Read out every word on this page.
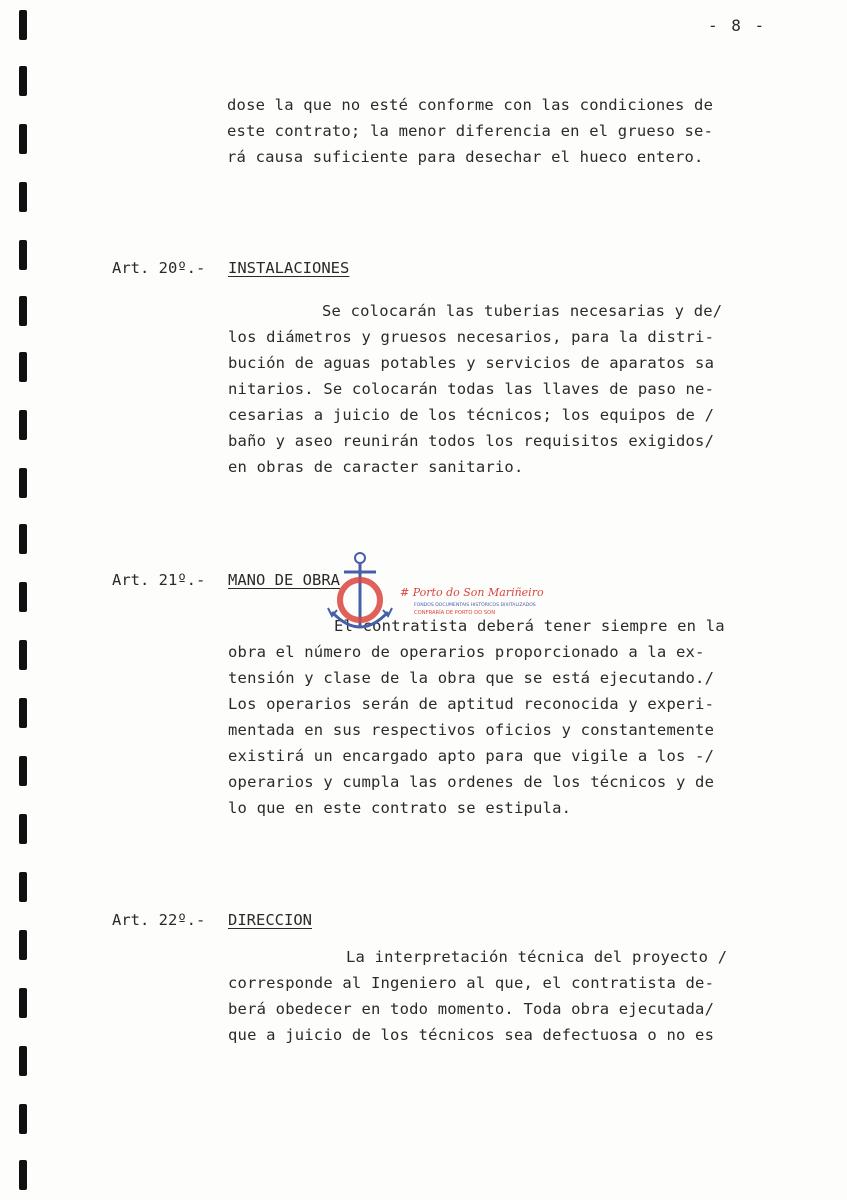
- 8 -
dose la que no esté conforme con las condiciones de
este contrato; la menor diferencia en el grueso se-
rá causa suficiente para desechar el hueco entero.
Art. 20º.- INSTALACIONES
Se colocarán las tuberias necesarias y de/
los diámetros y gruesos necesarios, para la distri-
bución de aguas potables y servicios de aparatos sa
nitarios. Se colocarán todas las llaves de paso ne-
cesarias a juicio de los técnicos; los equipos de /
baño y aseo reunirán todos los requisitos exigidos/
en obras de caracter sanitario.
Art. 21º.- MANO DE OBRA
El contratista deberá tener siempre en la
obra el número de operarios proporcionado a la ex-
tensión y clase de la obra que se está ejecutando./
Los operarios serán de aptitud reconocida y experi-
mentada en sus respectivos oficios y constantemente
existirá un encargado apto para que vigile a los -/
operarios y cumpla las ordenes de los técnicos y de
lo que en este contrato se estipula.
Art. 22º.- DIRECCION
La interpretación técnica del proyecto /
corresponde al Ingeniero al que, el contratista de-
berá obedecer en todo momento. Toda obra ejecutada/
que a juicio de los técnicos sea defectuosa o no es
# Porto do Son Mariñeiro
FONDOS DOCUMENTAIS HISTÓRICOS DIXITALIZADOS
CONFRARÍA DE PORTO DO SON
